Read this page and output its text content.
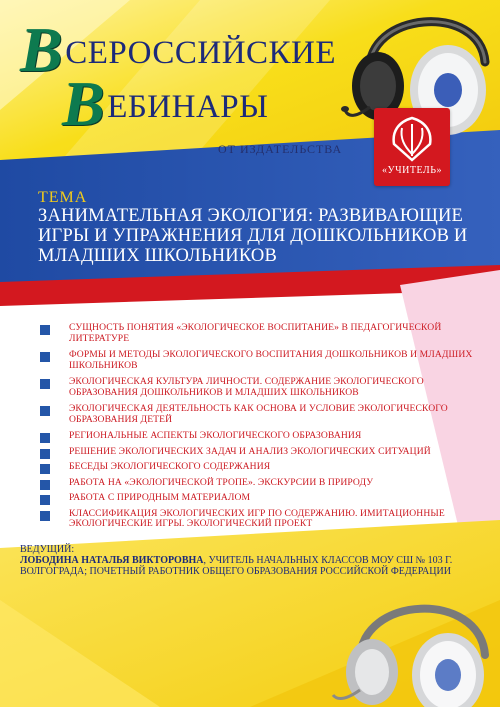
ВСЕРОССИЙСКИЕ
ВЕБИНАРЫ
ОТ ИЗДАТЕЛЬСТВА
«УЧИТЕЛЬ»
ТЕМА
ЗАНИМАТЕЛЬНАЯ ЭКОЛОГИЯ: РАЗВИВАЮЩИЕ ИГРЫ И УПРАЖНЕНИЯ ДЛЯ ДОШКОЛЬНИКОВ И МЛАДШИХ ШКОЛЬНИКОВ
СУЩНОСТЬ ПОНЯТИЯ «ЭКОЛОГИЧЕСКОЕ ВОСПИТАНИЕ» В ПЕДАГОГИЧЕСКОЙ ЛИТЕРАТУРЕ
ФОРМЫ И МЕТОДЫ ЭКОЛОГИЧЕСКОГО ВОСПИТАНИЯ ДОШКОЛЬНИКОВ И МЛАДШИХ ШКОЛЬНИКОВ
ЭКОЛОГИЧЕСКАЯ КУЛЬТУРА ЛИЧНОСТИ. СОДЕРЖАНИЕ ЭКОЛОГИЧЕСКОГО ОБРАЗОВАНИЯ ДОШКОЛЬНИКОВ И МЛАДШИХ ШКОЛЬНИКОВ
ЭКОЛОГИЧЕСКАЯ ДЕЯТЕЛЬНОСТЬ КАК ОСНОВА И УСЛОВИЕ ЭКОЛОГИЧЕСКОГО ОБРАЗОВАНИЯ ДЕТЕЙ
РЕГИОНАЛЬНЫЕ АСПЕКТЫ ЭКОЛОГИЧЕСКОГО ОБРАЗОВАНИЯ
РЕШЕНИЕ ЭКОЛОГИЧЕСКИХ ЗАДАЧ И АНАЛИЗ ЭКОЛОГИЧЕСКИХ СИТУАЦИЙ
БЕСЕДЫ ЭКОЛОГИЧЕСКОГО СОДЕРЖАНИЯ
РАБОТА НА «ЭКОЛОГИЧЕСКОЙ ТРОПЕ». ЭКСКУРСИИ В ПРИРОДУ
РАБОТА С ПРИРОДНЫМ МАТЕРИАЛОМ
КЛАССИФИКАЦИЯ ЭКОЛОГИЧЕСКИХ ИГР ПО СОДЕРЖАНИЮ. ИМИТАЦИОННЫЕ ЭКОЛОГИЧЕСКИЕ ИГРЫ. ЭКОЛОГИЧЕСКИЙ ПРОЕКТ
ВЕДУЩИЙ:
ЛОБОДИНА НАТАЛЬЯ ВИКТОРОВНА, УЧИТЕЛЬ НАЧАЛЬНЫХ КЛАССОВ МОУ СШ № 103 Г. ВОЛГОГРАДА; ПОЧЕТНЫЙ РАБОТНИК ОБЩЕГО ОБРАЗОВАНИЯ РОССИЙСКОЙ ФЕДЕРАЦИИ
